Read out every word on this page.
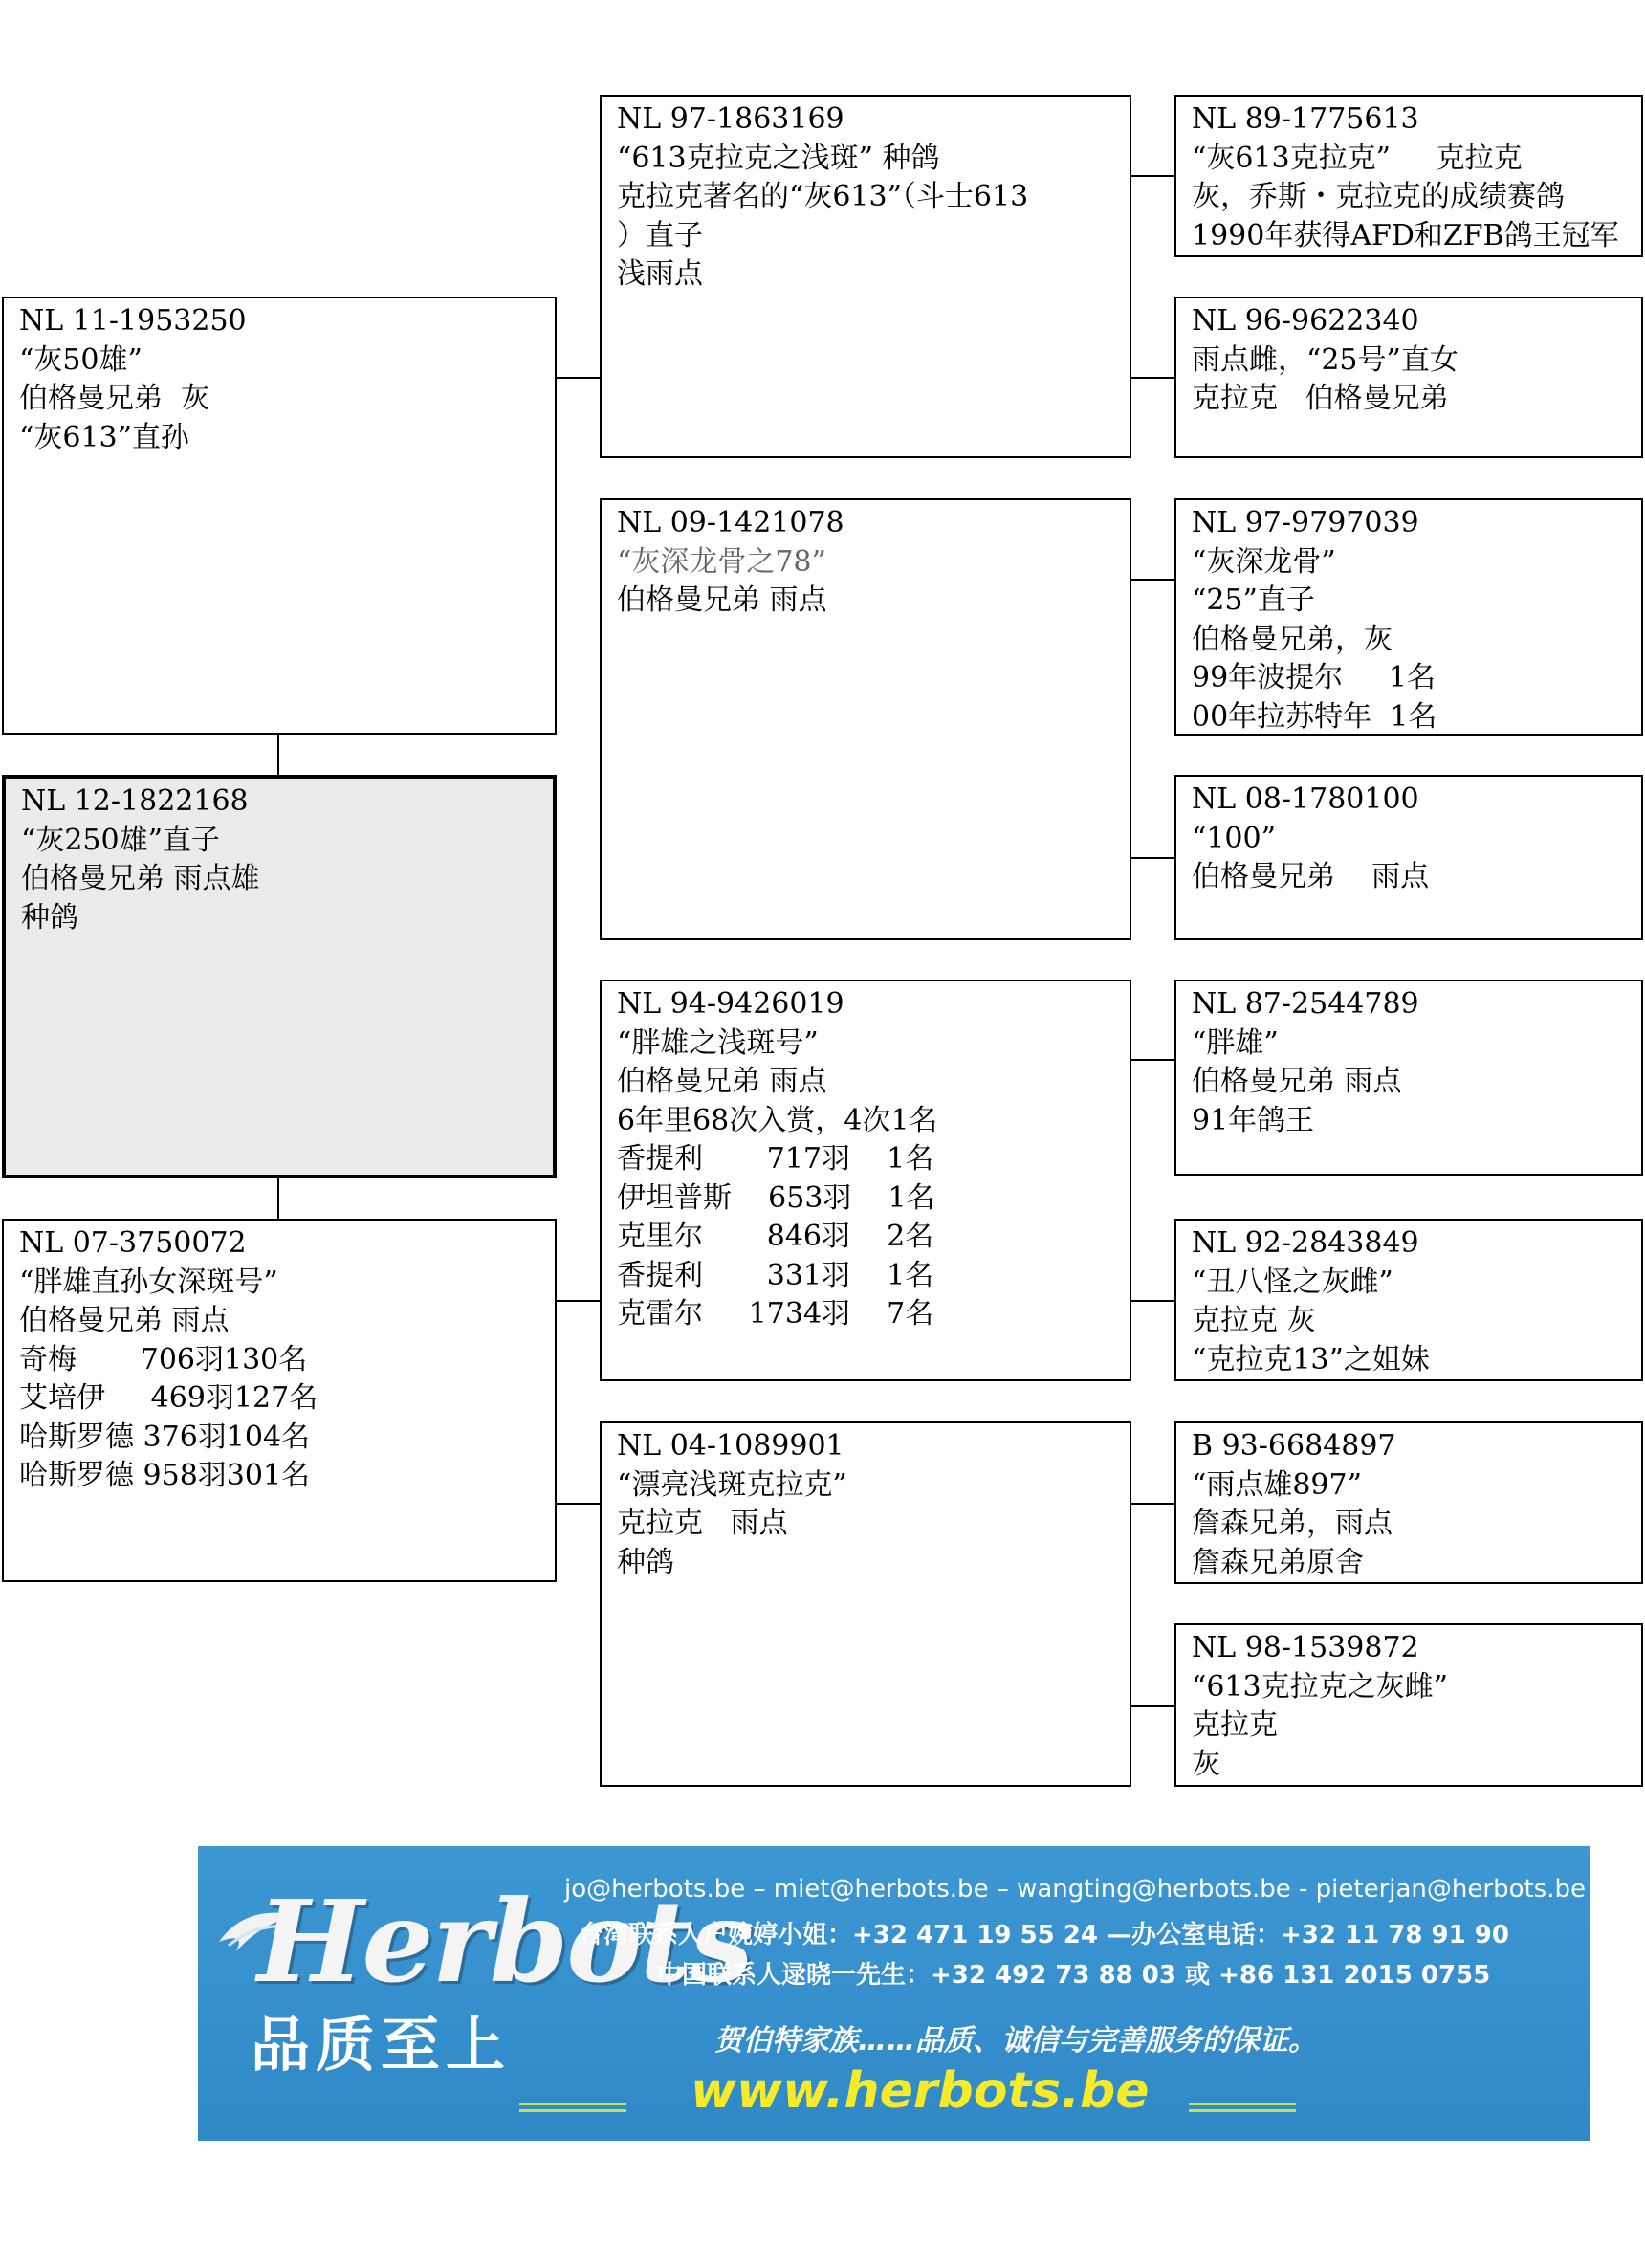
NL 11-1953250
“灰50雄”
伯格曼兄弟  灰
“灰613”直孙
NL 12-1822168
“灰250雄”直子
伯格曼兄弟 雨点雄
种鸽
NL 07-3750072
“胖雄直孙女深斑号”
伯格曼兄弟 雨点
奇梅       706羽130名
艾培伊     469羽127名
哈斯罗德 376羽104名
哈斯罗德 958羽301名
NL 97-1863169
“613克拉克之浅斑” 种鸽
克拉克著名的“灰613”（斗士613
）直子
浅雨点
NL 09-1421078
“灰深龙骨之78”
伯格曼兄弟 雨点
NL 94-9426019
“胖雄之浅斑号”
伯格曼兄弟 雨点
6年里68次入赏，4次1名
香提利       717羽    1名
伊坦普斯    653羽    1名
克里尔       846羽    2名
香提利       331羽    1名
克雷尔     1734羽    7名
NL 04-1089901
“漂亮浅斑克拉克”
克拉克   雨点
种鸽
NL 89-1775613
“灰613克拉克”     克拉克
灰，乔斯・克拉克的成绩赛鸽
1990年获得AFD和ZFB鸽王冠军
NL 96-9622340
雨点雌，“25号”直女
克拉克   伯格曼兄弟
NL 97-9797039
“灰深龙骨”
“25”直子
伯格曼兄弟，灰
99年波提尔     1名
00年拉苏特年  1名
NL 08-1780100
“100”
伯格曼兄弟    雨点
NL 87-2544789
“胖雄”
伯格曼兄弟 雨点
91年鸽王
NL 92-2843849
“丑八怪之灰雌”
克拉克 灰
“克拉克13”之姐妹
B 93-6684897
“雨点雄897”
詹森兄弟，雨点
詹森兄弟原舍
NL 98-1539872
“613克拉克之灰雌”
克拉克
灰
Herbots
品质至上
jo@herbots.be – miet@herbots.be – wangting@herbots.be - pieterjan@herbots.be
台湾联系人户婉婷小姐：+32 471 19 55 24 —办公室电话：+32 11 78 91 90
中国联系人逯晓一先生：+32 492 73 88 03 或 +86 131 2015 0755
贺伯特家族……品质、诚信与完善服务的保证。
www.herbots.be
